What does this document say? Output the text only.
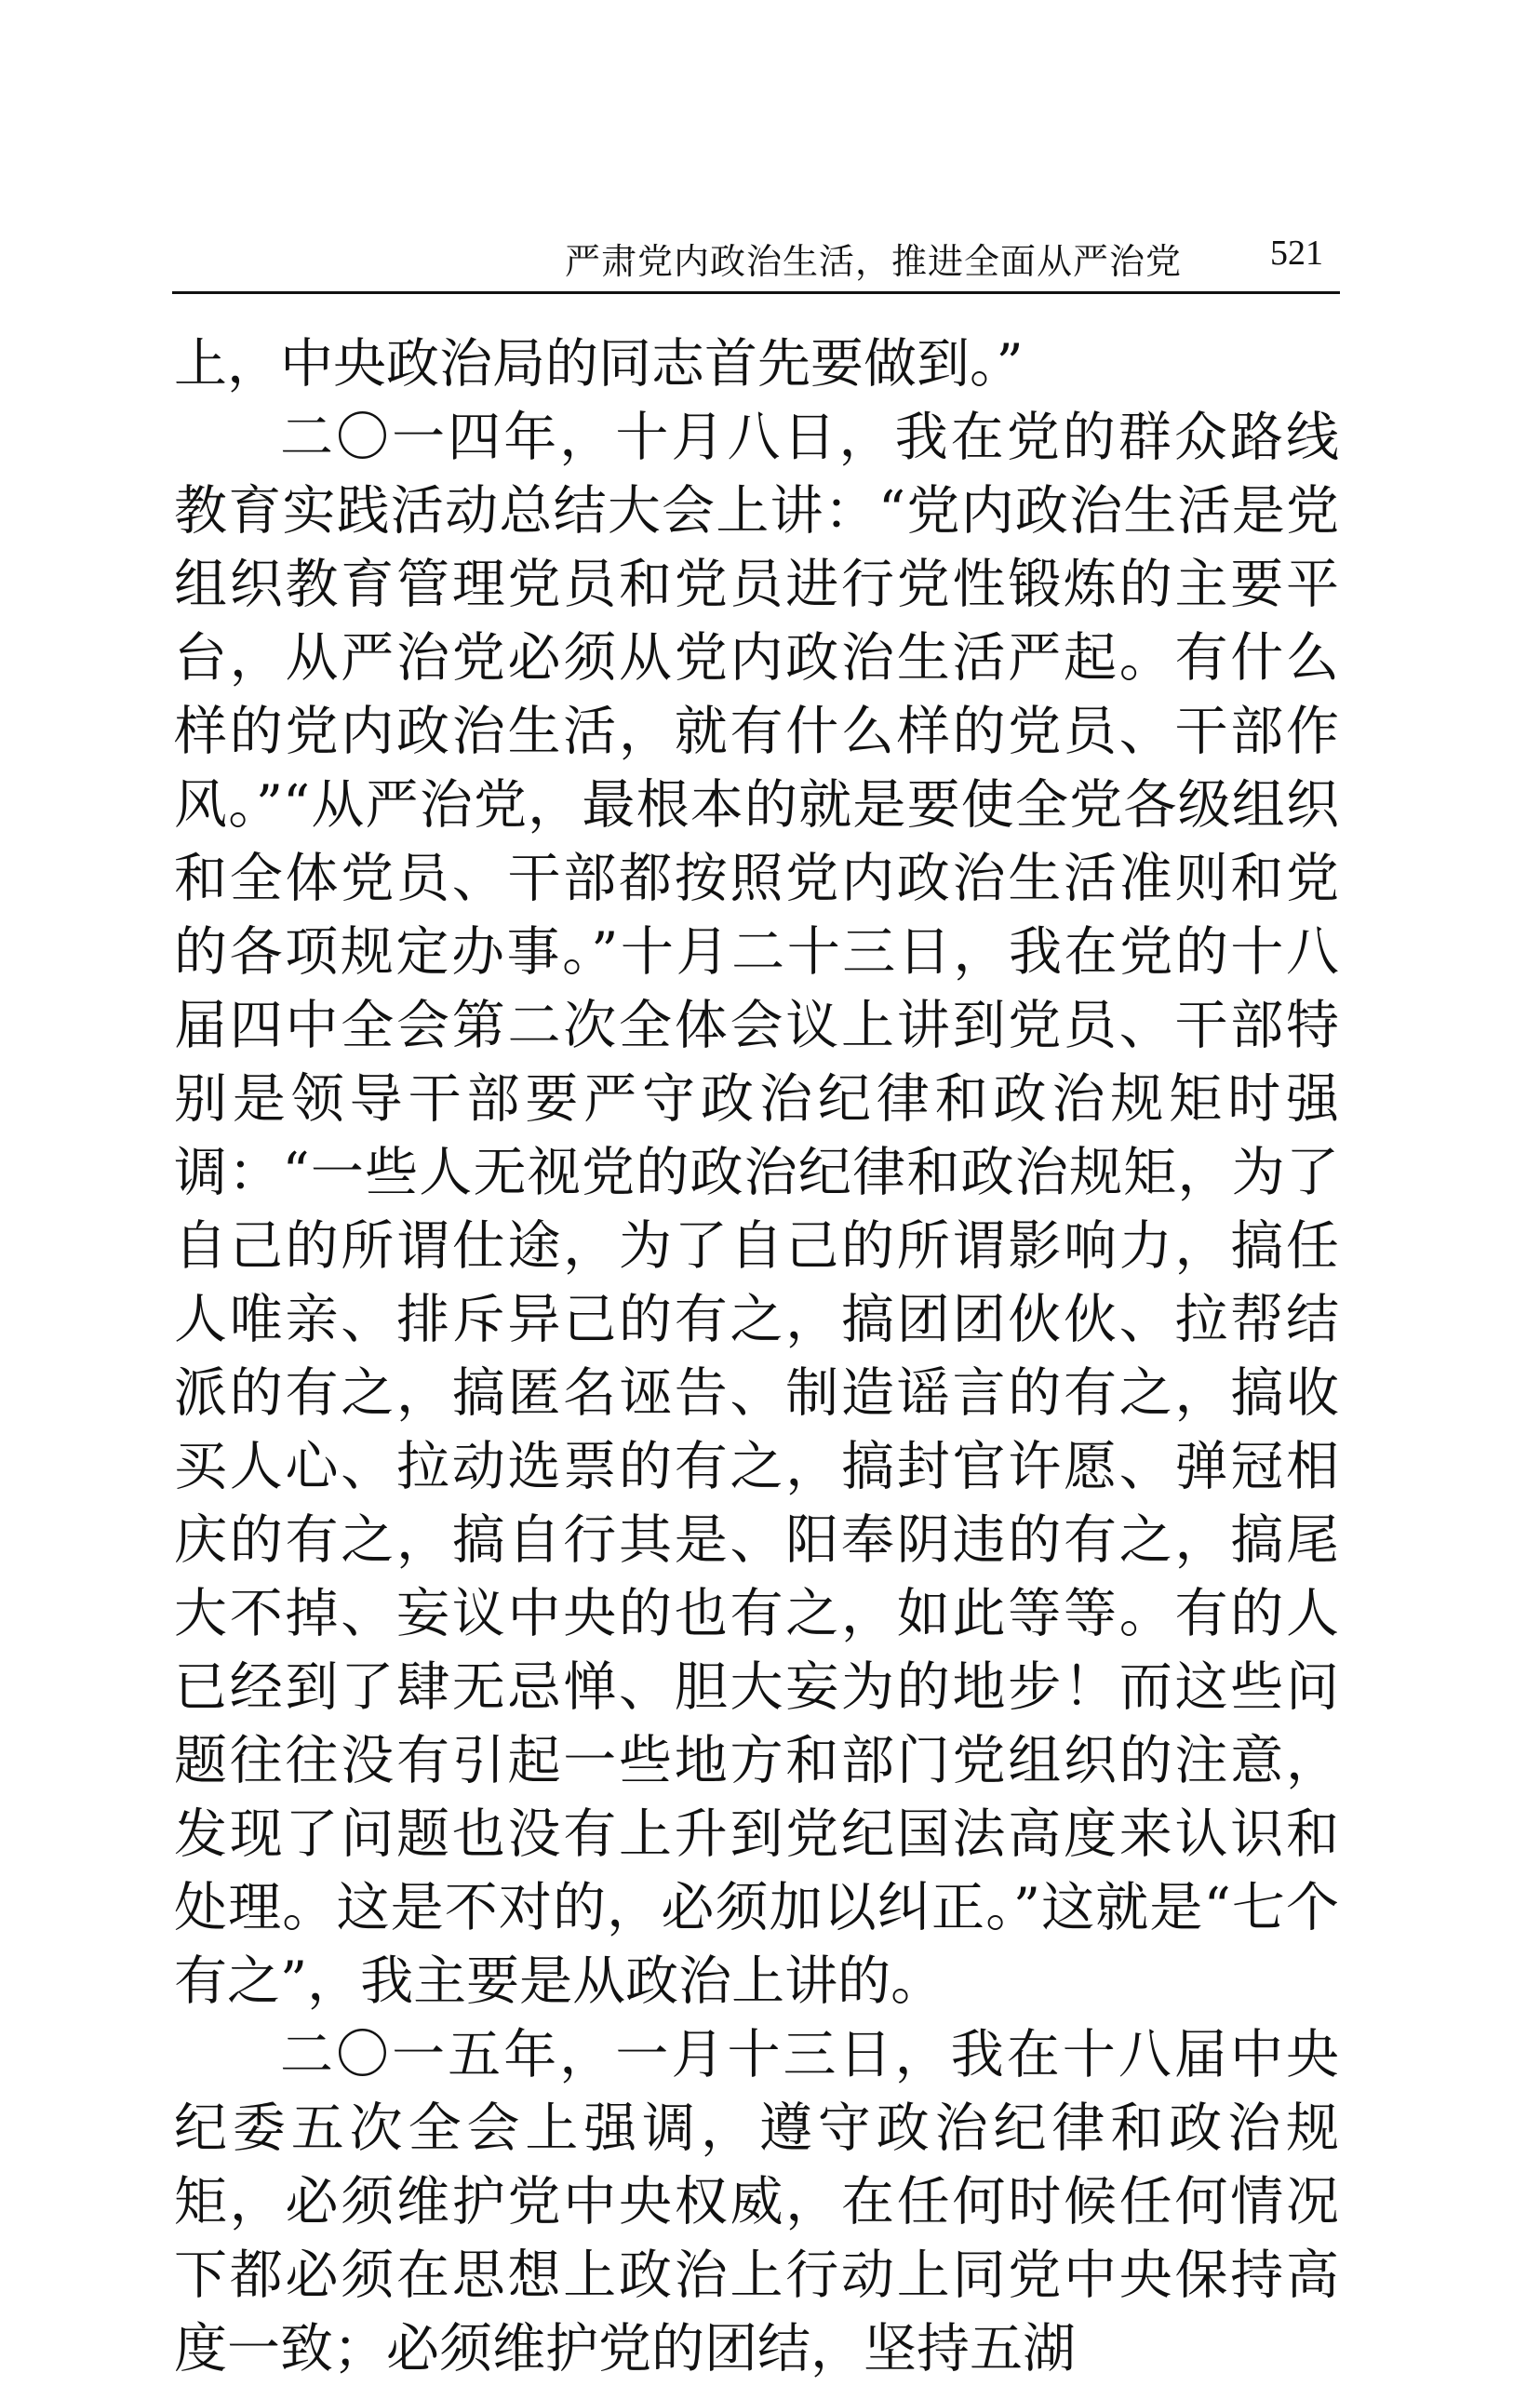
严肃党内政治生活，推进全面从严治党	521

上，中央政治局的同志首先要做到。”

二〇一四年，十月八日，我在党的群众路线教育实践活动总结大会上讲：“党内政治生活是党组织教育管理党员和党员进行党性锻炼的主要平台，从严治党必须从党内政治生活严起。有什么样的党内政治生活，就有什么样的党员、干部作风。”“从严治党，最根本的就是要使全党各级组织和全体党员、干部都按照党内政治生活准则和党的各项规定办事。”十月二十三日，我在党的十八届四中全会第二次全体会议上讲到党员、干部特别是领导干部要严守政治纪律和政治规矩时强调：“一些人无视党的政治纪律和政治规矩，为了自己的所谓仕途，为了自己的所谓影响力，搞任人唯亲、排斥异己的有之，搞团团伙伙、拉帮结派的有之，搞匿名诬告、制造谣言的有之，搞收买人心、拉动选票的有之，搞封官许愿、弹冠相庆的有之，搞自行其是、阳奉阴违的有之，搞尾大不掉、妄议中央的也有之，如此等等。有的人已经到了肆无忌惮、胆大妄为的地步！而这些问题往往没有引起一些地方和部门党组织的注意，发现了问题也没有上升到党纪国法高度来认识和处理。这是不对的，必须加以纠正。”这就是“七个有之”，我主要是从政治上讲的。

二〇一五年，一月十三日，我在十八届中央纪委五次全会上强调，遵守政治纪律和政治规矩，必须维护党中央权威，在任何时候任何情况下都必须在思想上政治上行动上同党中央保持高度一致；必须维护党的团结，坚持五湖
